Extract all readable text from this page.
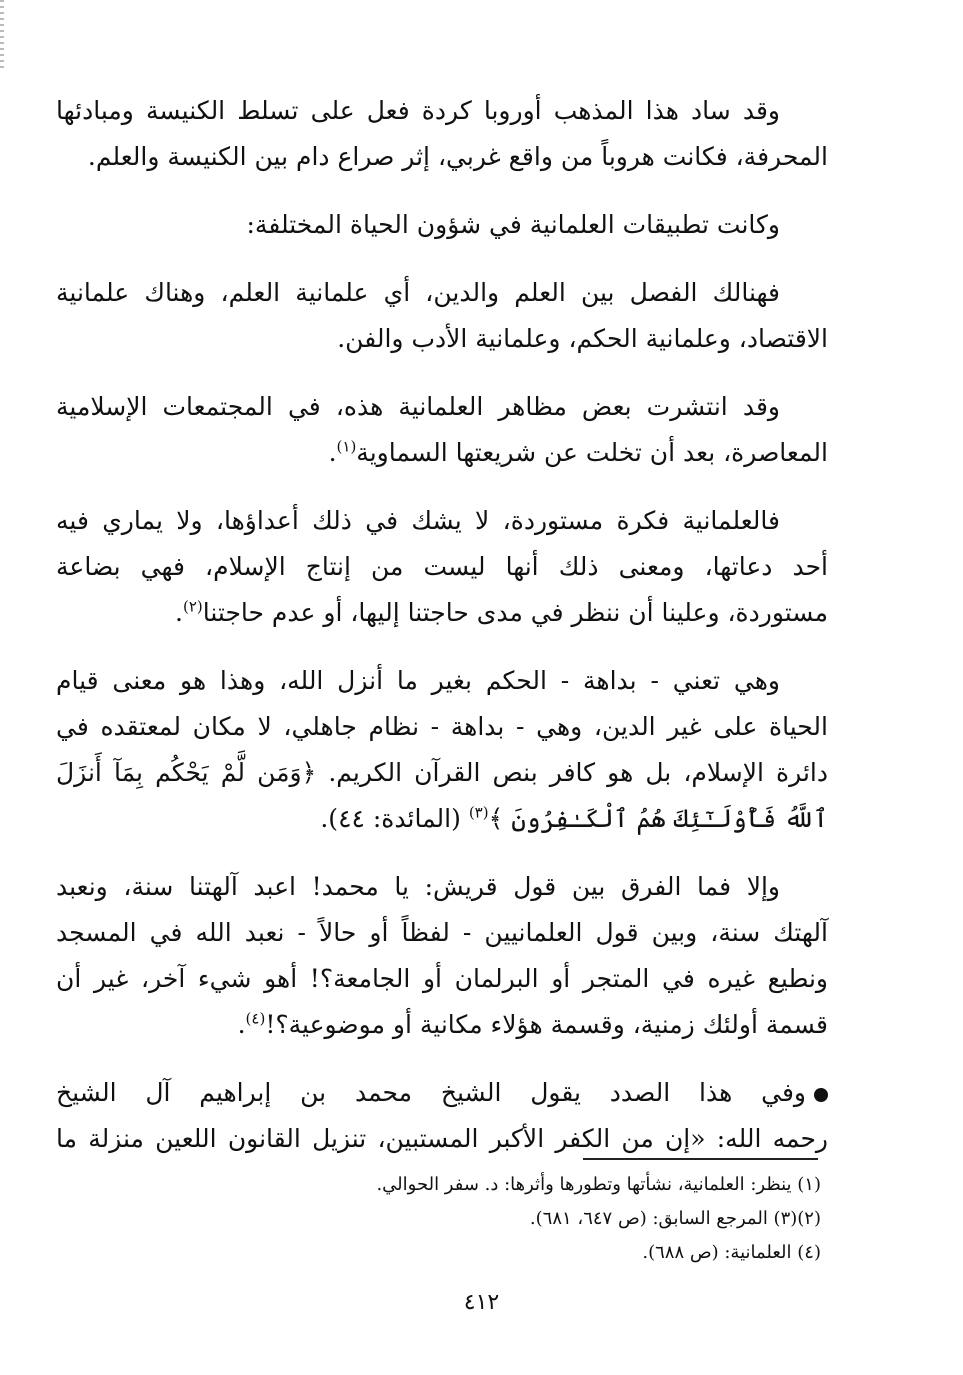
وقد ساد هذا المذهب أوروبا كردة فعل على تسلط الكنيسة ومبادئها
المحرفة، فكانت هروباً من واقع غربي، إثر صراع دام بين الكنيسة والعلم.

وكانت تطبيقات العلمانية في شؤون الحياة المختلفة:

فهنالك الفصل بين العلم والدين، أي علمانية العلم، وهناك علمانية
الاقتصاد، وعلمانية الحكم، وعلمانية الأدب والفن.

وقد انتشرت بعض مظاهر العلمانية هذه، في المجتمعات الإسلامية
المعاصرة، بعد أن تخلت عن شريعتها السماوية$^{(١)}$.

فالعلمانية فكرة مستوردة، لا يشك في ذلك أعداؤها، ولا يماري فيه
أحد دعاتها، ومعنى ذلك أنها ليست من إنتاج الإسلام، فهي بضاعة
مستوردة، وعلينا أن ننظر في مدى حاجتنا إليها، أو عدم حاجتنا$^{(٢)}$.

وهي تعني - بداهة - الحكم بغير ما أنزل الله، وهذا هو معنى قيام
الحياة على غير الدين، وهي - بداهة - نظام جاهلي، لا مكان لمعتقده في
دائرة الإسلام، بل هو كافر بنص القرآن الكريم. ﴿وَمَن لَّمْ يَحْكُم بِمَآ أَنزَلَ
ٱللَّهُ فَأُوْلَـٰٓئِكَ هُمُ ٱلْكَـٰفِرُونَ ﴾$^{(٣)}$ (المائدة: ٤٤).

وإلا فما الفرق بين قول قريش: يا محمد! اعبد آلهتنا سنة، ونعبد
آلهتك سنة، وبين قول العلمانيين - لفظاً أو حالاً - نعبد الله في المسجد
ونطيع غيره في المتجر أو البرلمان أو الجامعة؟! أهو شيء آخر، غير أن
قسمة أولئك زمنية، وقسمة هؤلاء مكانية أو موضوعية؟!$^{(٤)}$.

وفي هذا الصدد يقول الشيخ محمد بن إبراهيم آل الشيخ
رحمه الله: «إن من الكفر الأكبر المستبين، تنزيل القانون اللعين منزلة ما

(١) ينظر: العلمانية، نشأتها وتطورها وأثرها: د. سفر الحوالي.
(٢)(٣) المرجع السابق: (ص ٦٤٧، ٦٨١).
(٤) العلمانية: (ص ٦٨٨).
٤١٢
